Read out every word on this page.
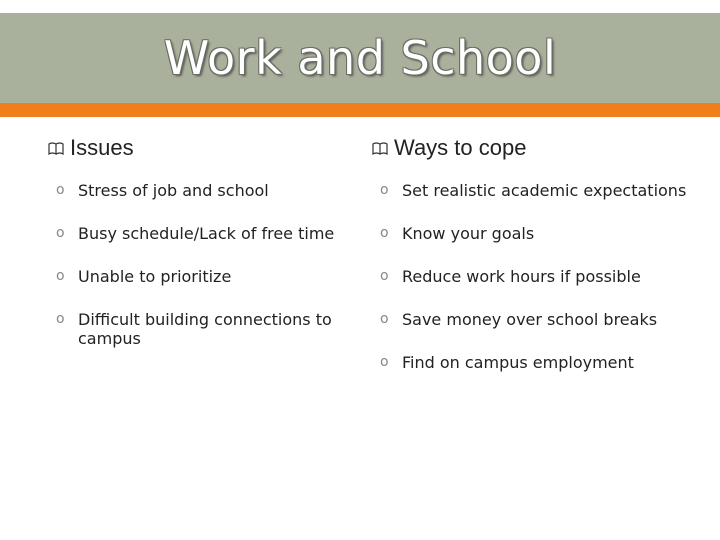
Work and School
Issues
o Stress of job and school
o Busy schedule/Lack of free time
o Unable to prioritize
o Difficult building connections to campus
Ways to cope
o Set realistic academic expectations
o Know your goals
o Reduce work hours if possible
o Save money over school breaks
o Find on campus employment
